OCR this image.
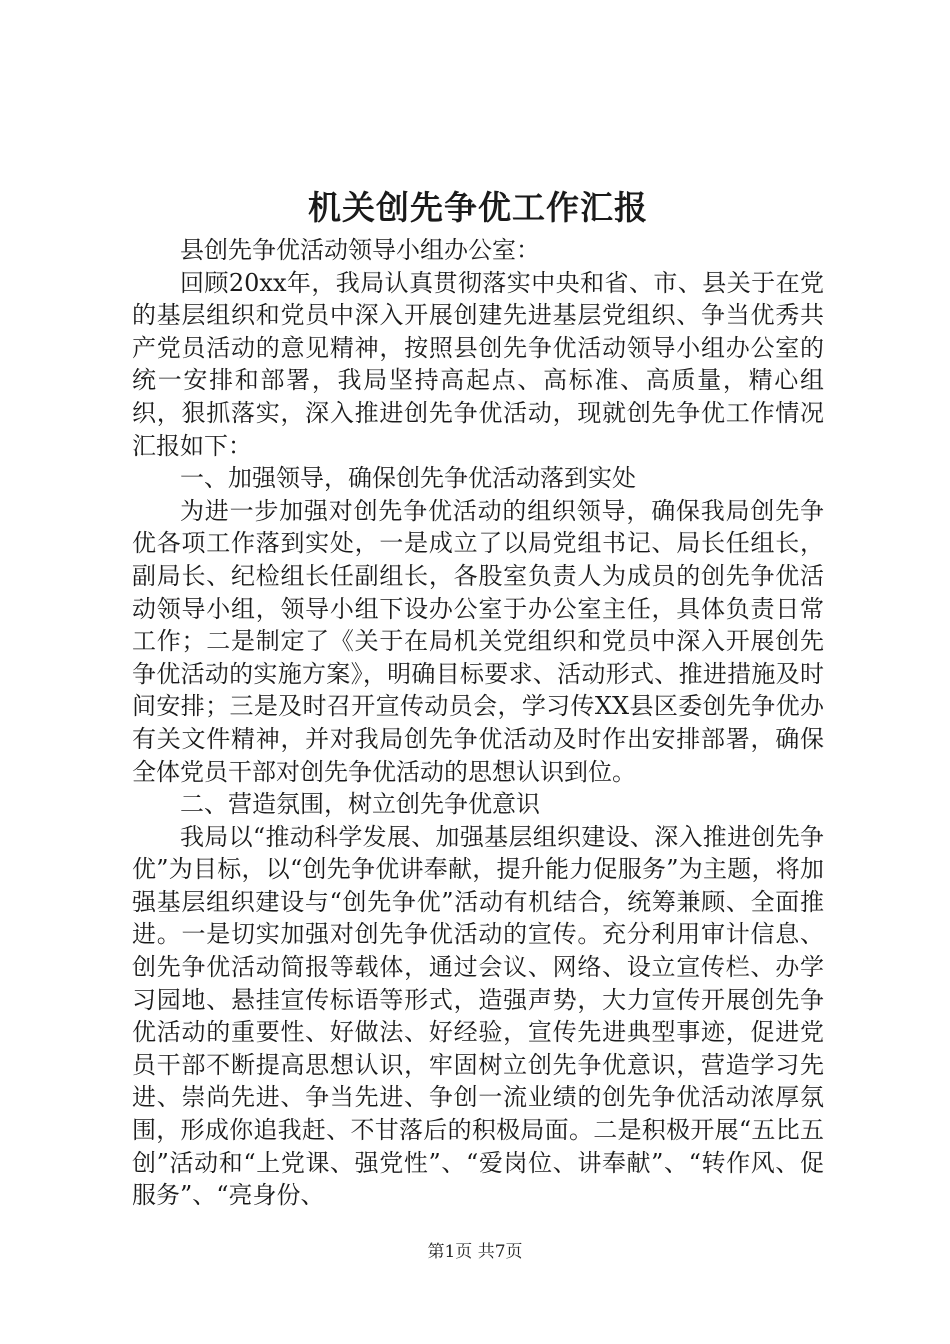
机关创先争优工作汇报

县创先争优活动领导小组办公室：

回顾20xx年，我局认真贯彻落实中央和省、市、县关于在党的基层组织和党员中深入开展创建先进基层党组织、争当优秀共产党员活动的意见精神，按照县创先争优活动领导小组办公室的统一安排和部署，我局坚持高起点、高标准、高质量，精心组织，狠抓落实，深入推进创先争优活动，现就创先争优工作情况汇报如下：

一、加强领导，确保创先争优活动落到实处

为进一步加强对创先争优活动的组织领导，确保我局创先争优各项工作落到实处，一是成立了以局党组书记、局长任组长，副局长、纪检组长任副组长，各股室负责人为成员的创先争优活动领导小组，领导小组下设办公室于办公室主任，具体负责日常工作；二是制定了《关于在局机关党组织和党员中深入开展创先争优活动的实施方案》，明确目标要求、活动形式、推进措施及时间安排；三是及时召开宣传动员会，学习传XX县区委创先争优办有关文件精神，并对我局创先争优活动及时作出安排部署，确保全体党员干部对创先争优活动的思想认识到位。

二、营造氛围，树立创先争优意识

我局以“推动科学发展、加强基层组织建设、深入推进创先争优”为目标，以“创先争优讲奉献，提升能力促服务”为主题，将加强基层组织建设与“创先争优”活动有机结合，统筹兼顾、全面推进。一是切实加强对创先争优活动的宣传。充分利用审计信息、创先争优活动简报等载体，通过会议、网络、设立宣传栏、办学习园地、悬挂宣传标语等形式，造强声势，大力宣传开展创先争优活动的重要性、好做法、好经验，宣传先进典型事迹，促进党员干部不断提高思想认识，牢固树立创先争优意识，营造学习先进、崇尚先进、争当先进、争创一流业绩的创先争优活动浓厚氛围，形成你追我赶、不甘落后的积极局面。二是积极开展“五比五创”活动和“上党课、强党性”、“爱岗位、讲奉献”、“转作风、促服务”、“亮身份、

第1页 共7页
